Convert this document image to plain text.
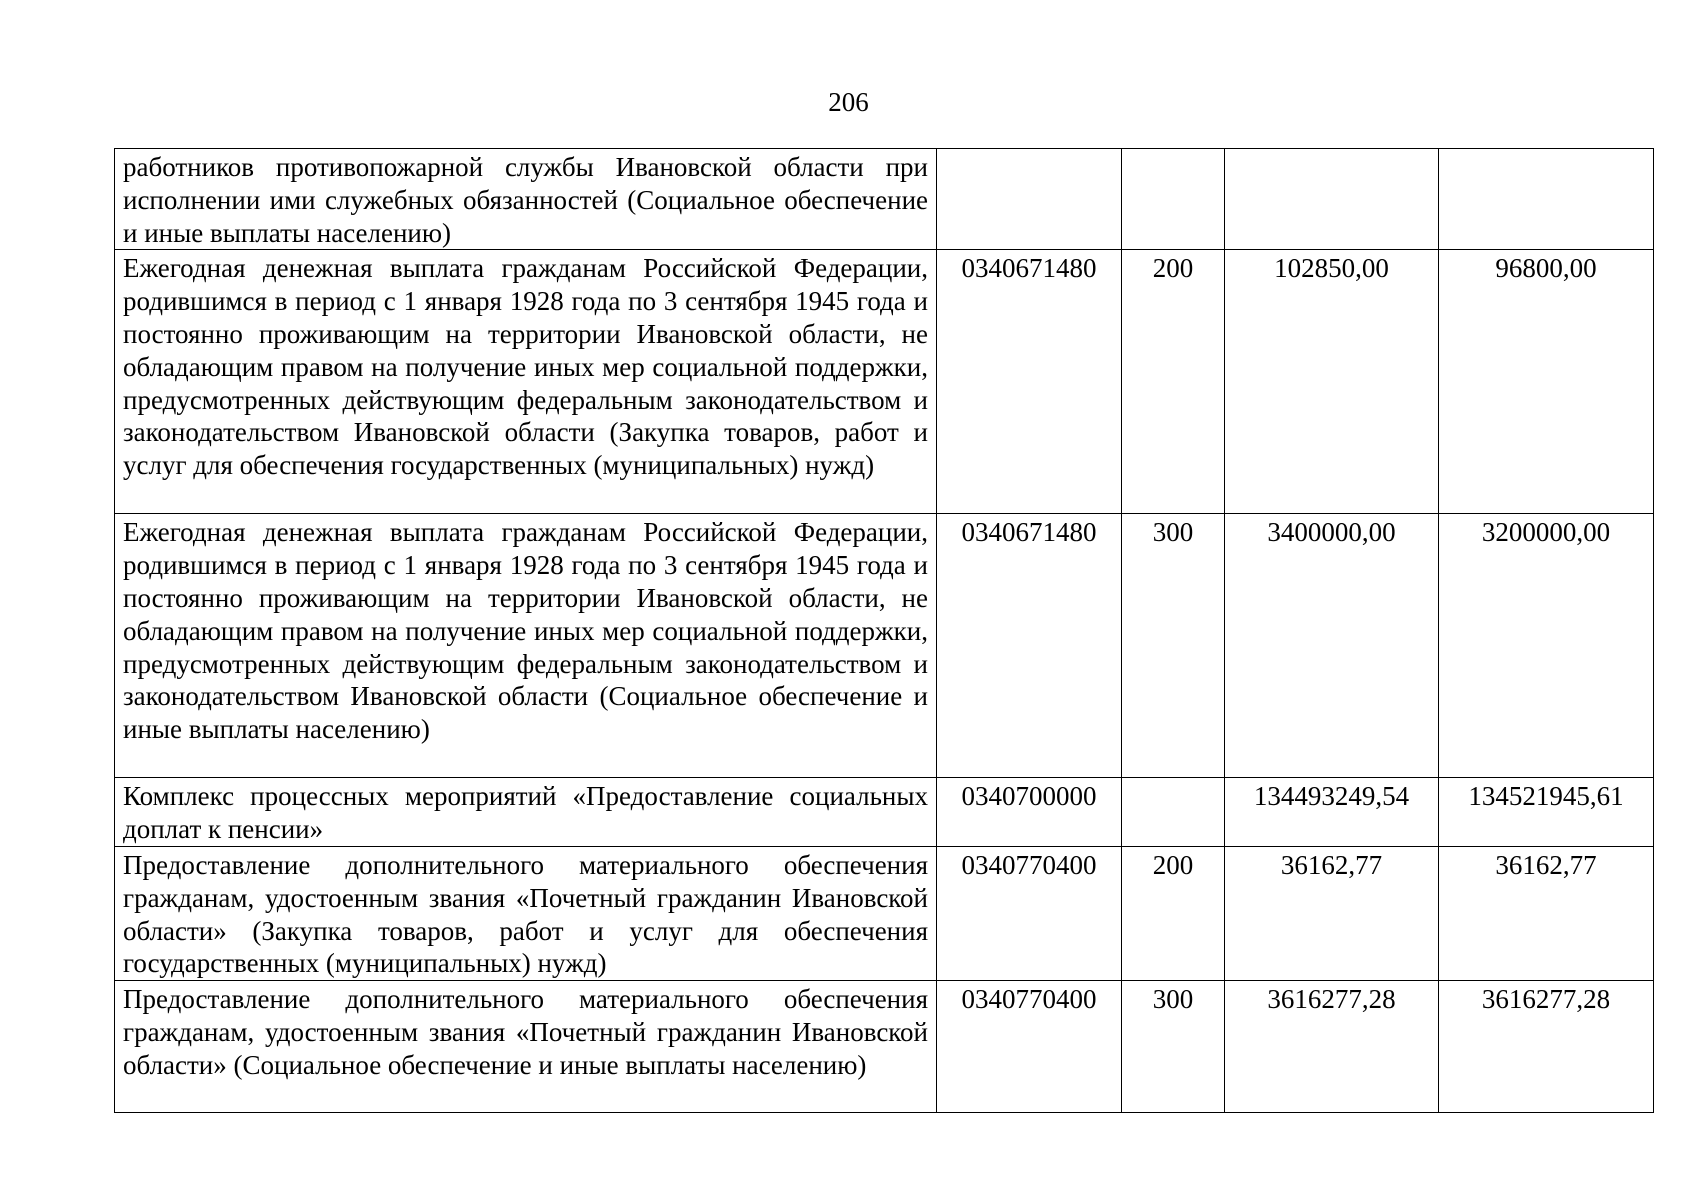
206
работников противопожарной службы Ивановской области при исполнении ими служебных обязанностей (Социальное обеспечение и иные выплаты населению)				
Ежегодная денежная выплата гражданам Российской Федерации, родившимся в период с 1 января 1928 года по 3 сентября 1945 года и постоянно проживающим на территории Ивановской области, не обладающим правом на получение иных мер социальной поддержки, предусмотренных действующим федеральным законодательством и законодательством Ивановской области (Закупка товаров, работ и услуг для обеспечения государственных (муниципальных) нужд)	0340671480	200	102850,00	96800,00
Ежегодная денежная выплата гражданам Российской Федерации, родившимся в период с 1 января 1928 года по 3 сентября 1945 года и постоянно проживающим на территории Ивановской области, не обладающим правом на получение иных мер социальной поддержки, предусмотренных действующим федеральным законодательством и законодательством Ивановской области (Социальное обеспечение и иные выплаты населению)	0340671480	300	3400000,00	3200000,00
Комплекс процессных мероприятий «Предоставление социальных доплат к пенсии»	0340700000		134493249,54	134521945,61
Предоставление дополнительного материального обеспечения гражданам, удостоенным звания «Почетный гражданин Ивановской области» (Закупка товаров, работ и услуг для обеспечения государственных (муниципальных) нужд)	0340770400	200	36162,77	36162,77
Предоставление дополнительного материального обеспечения гражданам, удостоенным звания «Почетный гражданин Ивановской области» (Социальное обеспечение и иные выплаты населению)	0340770400	300	3616277,28	3616277,28
